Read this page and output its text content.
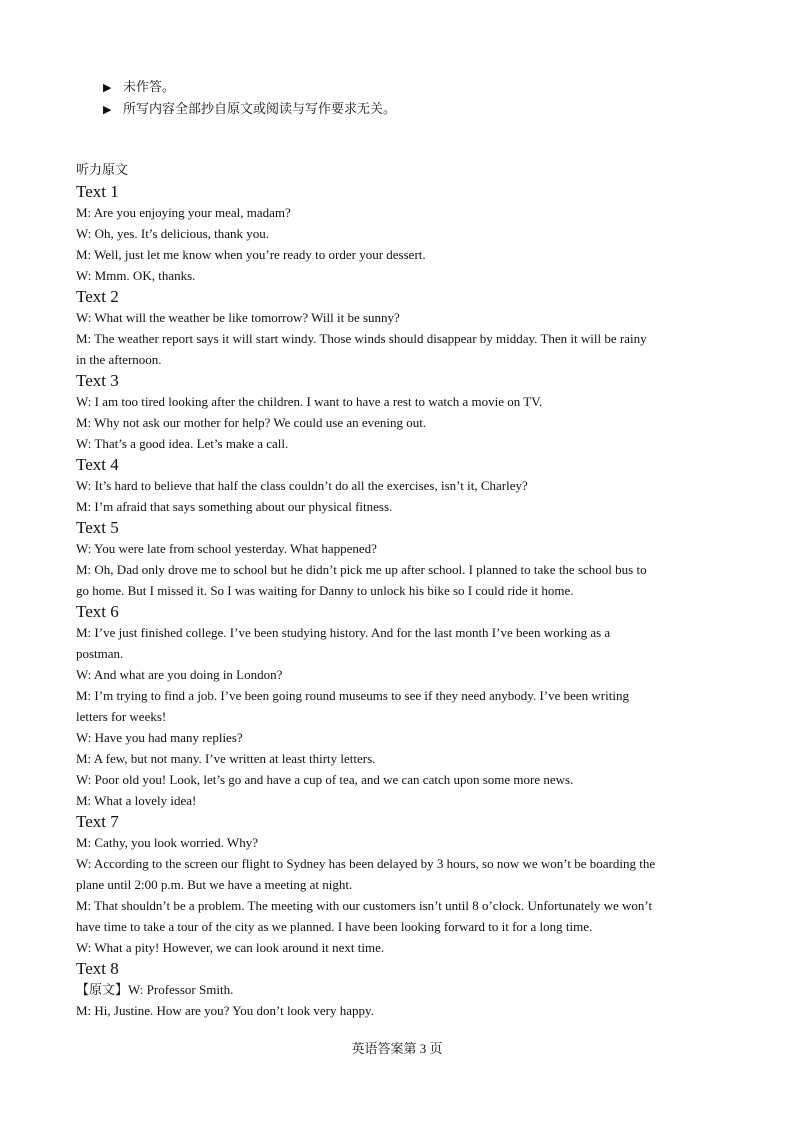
▶ 未作答。
▶ 所写内容全部抄自原文或阅读与写作要求无关。
听力原文
Text 1
M: Are you enjoying your meal, madam?
W: Oh, yes. It’s delicious, thank you.
M: Well, just let me know when you’re ready to order your dessert.
W: Mmm. OK, thanks.
Text 2
W: What will the weather be like tomorrow? Will it be sunny?
M: The weather report says it will start windy. Those winds should disappear by midday. Then it will be rainy
in the afternoon.
Text 3
W: I am too tired looking after the children. I want to have a rest to watch a movie on TV.
M: Why not ask our mother for help? We could use an evening out.
W: That’s a good idea. Let’s make a call.
Text 4
W: It’s hard to believe that half the class couldn’t do all the exercises, isn’t it, Charley?
M: I’m afraid that says something about our physical fitness.
Text 5
W: You were late from school yesterday. What happened?
M: Oh, Dad only drove me to school but he didn’t pick me up after school. I planned to take the school bus to
go home. But I missed it. So I was waiting for Danny to unlock his bike so I could ride it home.
Text 6
M: I’ve just finished college. I’ve been studying history. And for the last month I’ve been working as a
postman.
W: And what are you doing in London?
M: I’m trying to find a job. I’ve been going round museums to see if they need anybody. I’ve been writing
letters for weeks!
W: Have you had many replies?
M: A few, but not many. I’ve written at least thirty letters.
W: Poor old you! Look, let’s go and have a cup of tea, and we can catch upon some more news.
M: What a lovely idea!
Text 7
M: Cathy, you look worried. Why?
W: According to the screen our flight to Sydney has been delayed by 3 hours, so now we won’t be boarding the
plane until 2:00 p.m. But we have a meeting at night.
M: That shouldn’t be a problem. The meeting with our customers isn’t until 8 o’clock. Unfortunately we won’t
have time to take a tour of the city as we planned. I have been looking forward to it for a long time.
W: What a pity! However, we can look around it next time.
Text 8
【原文】W: Professor Smith.
M: Hi, Justine. How are you? You don’t look very happy.
英语答案第 3 页
